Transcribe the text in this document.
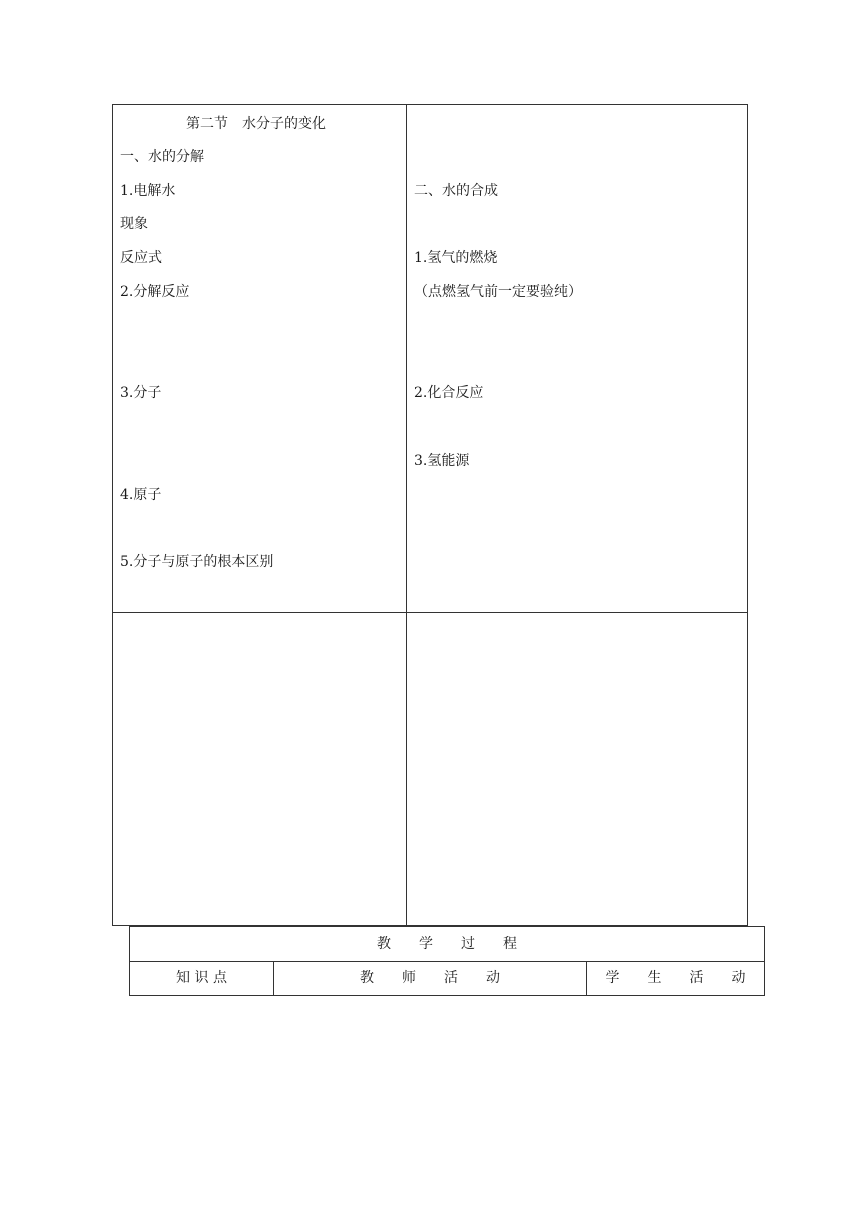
第二节　水分子的变化
一、水的分解
1.电解水
现象
反应式
2.分解反应
3.分子
4.原子
5.分子与原子的根本区别
二、水的合成
1.氢气的燃烧
（点燃氢气前一定要验纯）
2.化合反应
3.氢能源
教　　学　　过　　程
知 识 点	教　　师　　活　　动	学　　生　　活　　动
